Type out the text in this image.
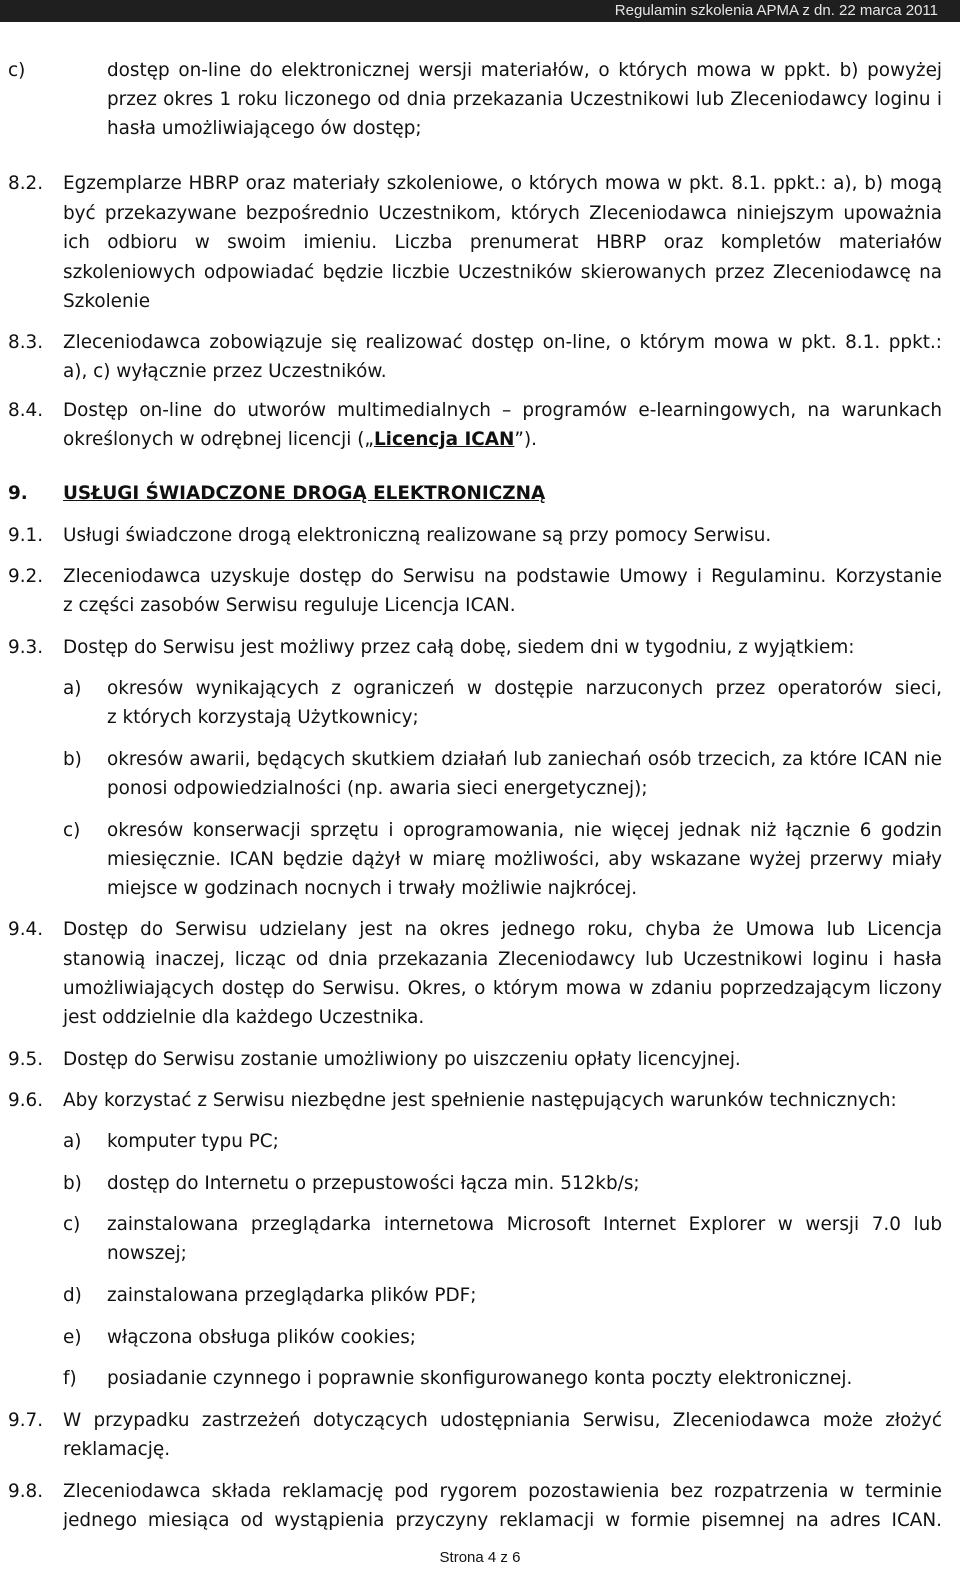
Regulamin szkolenia APMA z dn. 22 marca 2011
c)	dostęp on-line do elektronicznej wersji materiałów, o których mowa w ppkt. b) powyżej
przez okres 1 roku liczonego od dnia przekazania Uczestnikowi lub Zleceniodawcy loginu i
hasła umożliwiającego ów dostęp;
8.2. Egzemplarze HBRP oraz materiały szkoleniowe, o których mowa w pkt. 8.1. ppkt.: a), b) mogą
być przekazywane bezpośrednio Uczestnikom, których Zleceniodawca niniejszym upoważnia
ich odbioru w swoim imieniu. Liczba prenumerat HBRP oraz kompletów materiałów
szkoleniowych odpowiadać będzie liczbie Uczestników skierowanych przez Zleceniodawcę na
Szkolenie
8.3. Zleceniodawca zobowiązuje się realizować dostęp on-line, o którym mowa w pkt. 8.1. ppkt.:
a), c) wyłącznie przez Uczestników.
8.4. Dostęp on-line do utworów multimedialnych – programów e-learningowych, na warunkach
określonych w odrębnej licencji („Licencja ICAN”).
9. USŁUGI ŚWIADCZONE DROGĄ ELEKTRONICZNĄ
9.1. Usługi świadczone drogą elektroniczną realizowane są przy pomocy Serwisu.
9.2. Zleceniodawca uzyskuje dostęp do Serwisu na podstawie Umowy i Regulaminu. Korzystanie
z części zasobów Serwisu reguluje Licencja ICAN.
9.3. Dostęp do Serwisu jest możliwy przez całą dobę, siedem dni w tygodniu, z wyjątkiem:
a) okresów wynikających z ograniczeń w dostępie narzuconych przez operatorów sieci,
z których korzystają Użytkownicy;
b) okresów awarii, będących skutkiem działań lub zaniechań osób trzecich, za które ICAN nie
ponosi odpowiedzialności (np. awaria sieci energetycznej);
c) okresów konserwacji sprzętu i oprogramowania, nie więcej jednak niż łącznie 6 godzin
miesięcznie. ICAN będzie dążył w miarę możliwości, aby wskazane wyżej przerwy miały
miejsce w godzinach nocnych i trwały możliwie najkrócej.
9.4. Dostęp do Serwisu udzielany jest na okres jednego roku, chyba że Umowa lub Licencja
stanowią inaczej, licząc od dnia przekazania Zleceniodawcy lub Uczestnikowi loginu i hasła
umożliwiających dostęp do Serwisu. Okres, o którym mowa w zdaniu poprzedzającym liczony
jest oddzielnie dla każdego Uczestnika.
9.5. Dostęp do Serwisu zostanie umożliwiony po uiszczeniu opłaty licencyjnej.
9.6. Aby korzystać z Serwisu niezbędne jest spełnienie następujących warunków technicznych:
a) komputer typu PC;
b) dostęp do Internetu o przepustowości łącza min. 512kb/s;
c) zainstalowana przeglądarka internetowa Microsoft Internet Explorer w wersji 7.0 lub
nowszej;
d) zainstalowana przeglądarka plików PDF;
e) włączona obsługa plików cookies;
f) posiadanie czynnego i poprawnie skonfigurowanego konta poczty elektronicznej.
9.7. W przypadku zastrzeżeń dotyczących udostępniania Serwisu, Zleceniodawca może złożyć
reklamację.
9.8. Zleceniodawca składa reklamację pod rygorem pozostawienia bez rozpatrzenia w terminie
jednego miesiąca od wystąpienia przyczyny reklamacji w formie pisemnej na adres ICAN.
Strona 4 z 6
